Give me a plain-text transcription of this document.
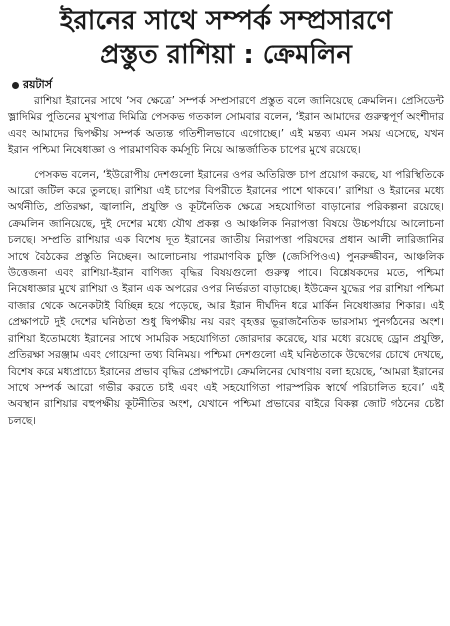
ইরানের সাথে সম্পর্ক সম্প্রসারণে
প্রস্তুত রাশিয়া : ক্রেমলিন
রয়টার্স

রাশিয়া ইরানের সাথে ‘সব ক্ষেত্রে’ সম্পর্ক সম্প্রসারণে প্রস্তুত বলে জানিয়েছে ক্রেমলিন। প্রেসিডেন্ট ভ্লাদিমির পুতিনের মুখপাত্র দিমিত্রি পেসকভ গতকাল সোমবার বলেন, ‘ইরান আমাদের গুরুত্বপূর্ণ অংশীদার এবং আমাদের দ্বিপক্ষীয় সম্পর্ক অত্যন্ত গতিশীলভাবে এগোচ্ছে।’ এই মন্তব্য এমন সময় এসেছে, যখন ইরান পশ্চিমা নিষেধাজ্ঞা ও পারমাণবিক কর্মসূচি নিয়ে আন্তর্জাতিক চাপের মুখে রয়েছে।

পেসকভ বলেন, ‘ইউরোপীয় দেশগুলো ইরানের ওপর অতিরিক্ত চাপ প্রয়োগ করছে, যা পরিস্থিতিকে আরো জটিল করে তুলছে। রাশিয়া এই চাপের বিপরীতে ইরানের পাশে থাকবে।’ রাশিয়া ও ইরানের মধ্যে অর্থনীতি, প্রতিরক্ষা, জ্বালানি, প্রযুক্তি ও কূটনৈতিক ক্ষেত্রে সহযোগিতা বাড়ানোর পরিকল্পনা রয়েছে। ক্রেমলিন জানিয়েছে, দুই দেশের মধ্যে যৌথ প্রকল্প ও আঞ্চলিক নিরাপত্তা বিষয়ে উচ্চপর্যায়ে আলোচনা চলছে। সম্প্রতি রাশিয়ার এক বিশেষ দূত ইরানের জাতীয় নিরাপত্তা পরিষদের প্রধান আলী লারিজানির সাথে বৈঠকের প্রস্তুতি নিচ্ছেন। আলোচনায় পারমাণবিক চুক্তি (জেসিপিওএ) পুনরুজ্জীবন, আঞ্চলিক উত্তেজনা এবং রাশিয়া-ইরান বাণিজ্য বৃদ্ধির বিষয়গুলো গুরুত্ব পাবে। বিশ্লেষকদের মতে, পশ্চিমা নিষেধাজ্ঞার মুখে রাশিয়া ও ইরান এক অপরের ওপর নির্ভরতা বাড়াচ্ছে। ইউক্রেন যুদ্ধের পর রাশিয়া পশ্চিমা বাজার থেকে অনেকটাই বিচ্ছিন্ন হয়ে পড়েছে, আর ইরান দীর্ঘদিন ধরে মার্কিন নিষেধাজ্ঞার শিকার। এই প্রেক্ষাপটে দুই দেশের ঘনিষ্ঠতা শুধু দ্বিপক্ষীয় নয় বরং বৃহত্তর ভূরাজনৈতিক ভারসাম্য পুনর্গঠনের অংশ। রাশিয়া ইতোমধ্যে ইরানের সাথে সামরিক সহযোগিতা জোরদার করেছে, যার মধ্যে রয়েছে ড্রোন প্রযুক্তি, প্রতিরক্ষা সরঞ্জাম এবং গোয়েন্দা তথ্য বিনিময়। পশ্চিমা দেশগুলো এই ঘনিষ্ঠতাকে উদ্বেগের চোখে দেখছে, বিশেষ করে মধ্যপ্রাচ্যে ইরানের প্রভাব বৃদ্ধির প্রেক্ষাপটে। ক্রেমলিনের ঘোষণায় বলা হয়েছে, ‘আমরা ইরানের সাথে সম্পর্ক আরো গভীর করতে চাই এবং এই সহযোগিতা পারস্পরিক স্বার্থে পরিচালিত হবে।’ এই অবস্থান রাশিয়ার বহুপক্ষীয় কূটনীতির অংশ, যেখানে পশ্চিমা প্রভাবের বাইরে বিকল্প জোট গঠনের চেষ্টা চলছে।
